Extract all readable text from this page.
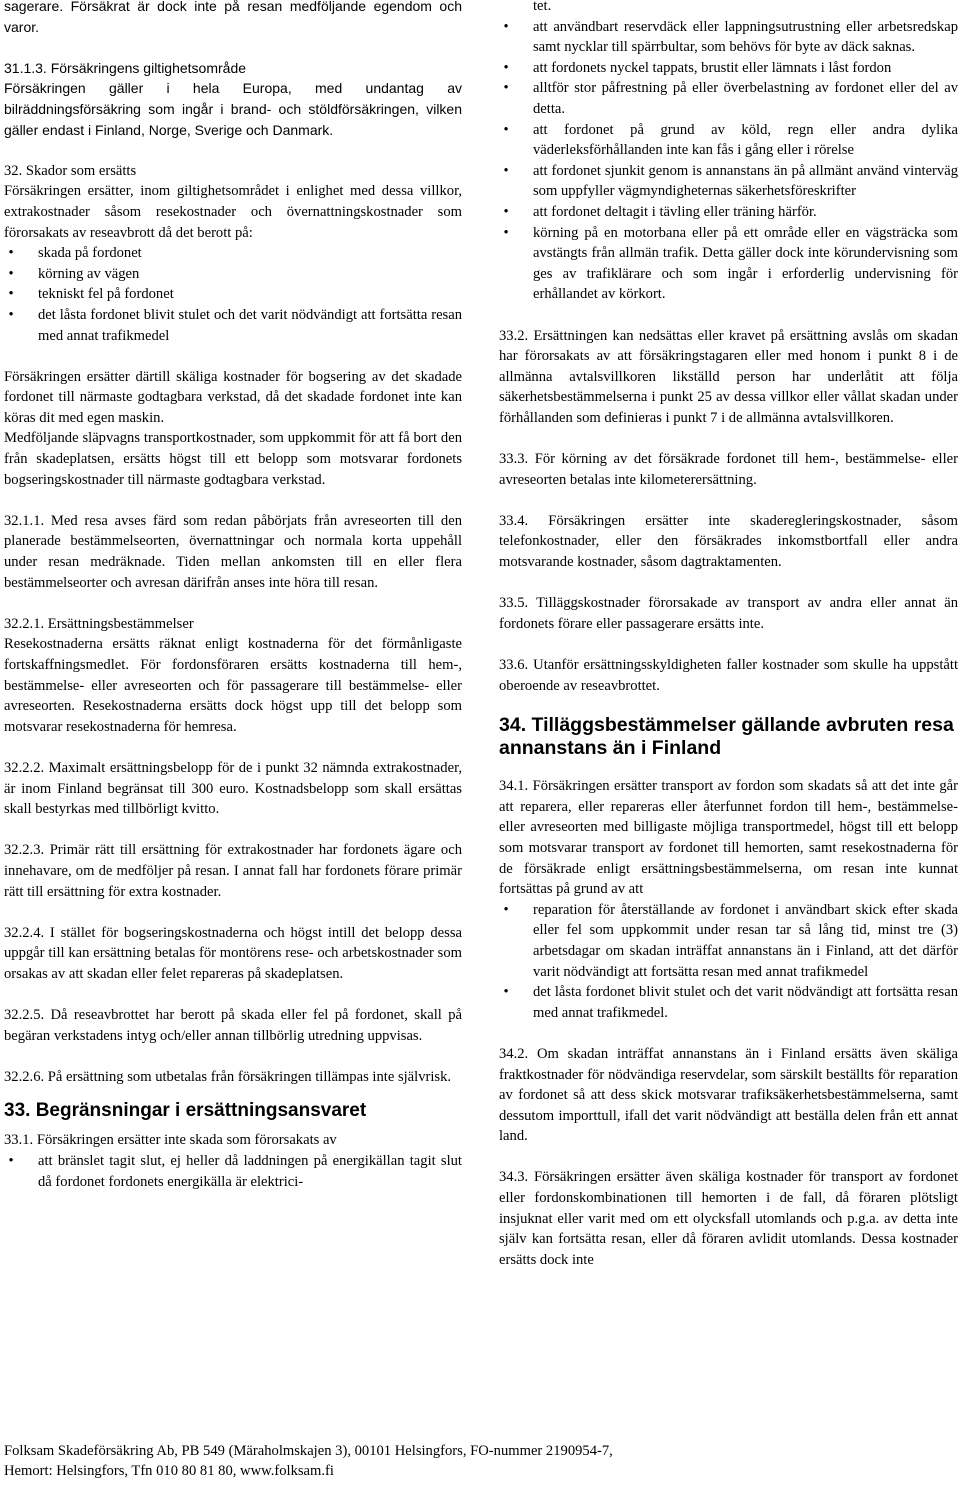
sagerare. Försäkrat är dock inte på resan medföljande egendom och varor.

31.1.3. Försäkringens giltighetsområde

Försäkringen gäller i hela Europa, med undantag av bilräddningsförsäkring som ingår i brand- och stöldförsäkringen, vilken gäller endast i Finland, Norge, Sverige och Danmark.

32. Skador som ersätts

Försäkringen ersätter, inom giltighetsområdet i enlighet med dessa villkor, extrakostnader såsom resekostnader och övernattningskostnader som förorsakats av reseavbrott då det berott på:

• skada på fordonet
• körning av vägen
• tekniskt fel på fordonet
• det låsta fordonet blivit stulet och det varit nödvändigt att fortsätta resan med annat trafikmedel

Försäkringen ersätter därtill skäliga kostnader för bogsering av det skadade fordonet till närmaste godtagbara verkstad, då det skadade fordonet inte kan köras dit med egen maskin.

Medföljande släpvagns transportkostnader, som uppkommit för att få bort den från skadeplatsen, ersätts högst till ett belopp som motsvarar fordonets bogseringskostnader till närmaste godtagbara verkstad.

32.1.1. Med resa avses färd som redan påbörjats från avreseorten till den planerade bestämmelseorten, övernattningar och normala korta uppehåll under resan medräknade. Tiden mellan ankomsten till en eller flera bestämmelseorter och avresan därifrån anses inte höra till resan.

32.2.1. Ersättningsbestämmelser

Resekostnaderna ersätts räknat enligt kostnaderna för det förmånligaste fortskaffningsmedlet. För fordonsföraren ersätts kostnaderna till hem-, bestämmelse- eller avreseorten och för passagerare till bestämmelse- eller avreseorten. Resekostnaderna ersätts dock högst upp till det belopp som motsvarar resekostnaderna för hemresa.

32.2.2. Maximalt ersättningsbelopp för de i punkt 32 nämnda extrakostnader, är inom Finland begränsat till 300 euro. Kostnadsbelopp som skall ersättas skall bestyrkas med tillbörligt kvitto.

32.2.3. Primär rätt till ersättning för extrakostnader har fordonets ägare och innehavare, om de medföljer på resan. I annat fall har fordonets förare primär rätt till ersättning för extra kostnader.

32.2.4. I stället för bogseringskostnaderna och högst intill det belopp dessa uppgår till kan ersättning betalas för montörens rese- och arbetskostnader som orsakas av att skadan eller felet repareras på skadeplatsen.

32.2.5. Då reseavbrottet har berott på skada eller fel på fordonet, skall på begäran verkstadens intyg och/eller annan tillbörlig utredning uppvisas.

32.2.6. På ersättning som utbetalas från försäkringen tillämpas inte självrisk.

33. Begränsningar i ersättningsansvaret

33.1. Försäkringen ersätter inte skada som förorsakats av

• att bränslet tagit slut, ej heller då laddningen på energikällan tagit slut då fordonet fordonets energikälla är elektrici-
tet.
• att användbart reservdäck eller lappningsutrustning eller arbetsredskap samt nycklar till spärrbultar, som behövs för byte av däck saknas.
• att fordonets nyckel tappats, brustit eller lämnats i låst fordon
• alltför stor påfrestning på eller överbelastning av fordonet eller del av detta.
• att fordonet på grund av köld, regn eller andra dylika väderleksförhållanden inte kan fås i gång eller i rörelse
• att fordonet sjunkit genom is annanstans än på allmänt använd vinterväg som uppfyller vägmyndigheternas säkerhetsföreskrifter
• att fordonet deltagit i tävling eller träning härför.
• körning på en motorbana eller på ett område eller en vägsträcka som avstängts från allmän trafik. Detta gäller dock inte körundervisning som ges av trafiklärare och som ingår i erforderlig undervisning för erhållandet av körkort.

33.2. Ersättningen kan nedsättas eller kravet på ersättning avslås om skadan har förorsakats av att försäkringstagaren eller med honom i punkt 8 i de allmänna avtalsvillkoren likställd person har underlåtit att följa säkerhetsbestämmelserna i punkt 25 av dessa villkor eller vållat skadan under förhållanden som definieras i punkt 7 i de allmänna avtalsvillkoren.

33.3. För körning av det försäkrade fordonet till hem-, bestämmelse- eller avreseorten betalas inte kilometerersättning.

33.4. Försäkringen ersätter inte skaderegleringskostnader, såsom telefonkostnader, eller den försäkrades inkomstbortfall eller andra motsvarande kostnader, såsom dagtraktamenten.

33.5. Tilläggskostnader förorsakade av transport av andra eller annat än fordonets förare eller passagerare ersätts inte.

33.6. Utanför ersättningsskyldigheten faller kostnader som skulle ha uppstått oberoende av reseavbrottet.

34. Tilläggsbestämmelser gällande avbruten resa annanstans än i Finland

34.1. Försäkringen ersätter transport av fordon som skadats så att det inte går att reparera, eller repareras eller återfunnet fordon till hem-, bestämmelse- eller avreseorten med billigaste möjliga transportmedel, högst till ett belopp som motsvarar transport av fordonet till hemorten, samt resekostnaderna för de försäkrade enligt ersättningsbestämmelserna, om resan inte kunnat fortsättas på grund av att

• reparation för återställande av fordonet i användbart skick efter skada eller fel som uppkommit under resan tar så lång tid, minst tre (3) arbetsdagar om skadan inträffat annanstans än i Finland, att det därför varit nödvändigt att fortsätta resan med annat trafikmedel
• det låsta fordonet blivit stulet och det varit nödvändigt att fortsätta resan med annat trafikmedel.

34.2. Om skadan inträffat annanstans än i Finland ersätts även skäliga fraktkostnader för nödvändiga reservdelar, som särskilt beställts för reparation av fordonet så att dess skick motsvarar trafiksäkerhetsbestämmelserna, samt dessutom importtull, ifall det varit nödvändigt att beställa delen från ett annat land.

34.3. Försäkringen ersätter även skäliga kostnader för transport av fordonet eller fordonskombinationen till hemorten i de fall, då föraren plötsligt insjuknat eller varit med om ett olycksfall utomlands och p.g.a. av detta inte själv kan fortsätta resan, eller då föraren avlidit utomlands. Dessa kostnader ersätts dock inte

Folksam Skadeförsäkring Ab, PB 549 (Märaholmskajen 3), 00101 Helsingfors, FO-nummer 2190954-7,

Hemort: Helsingfors, Tfn 010 80 81 80, www.folksam.fi
